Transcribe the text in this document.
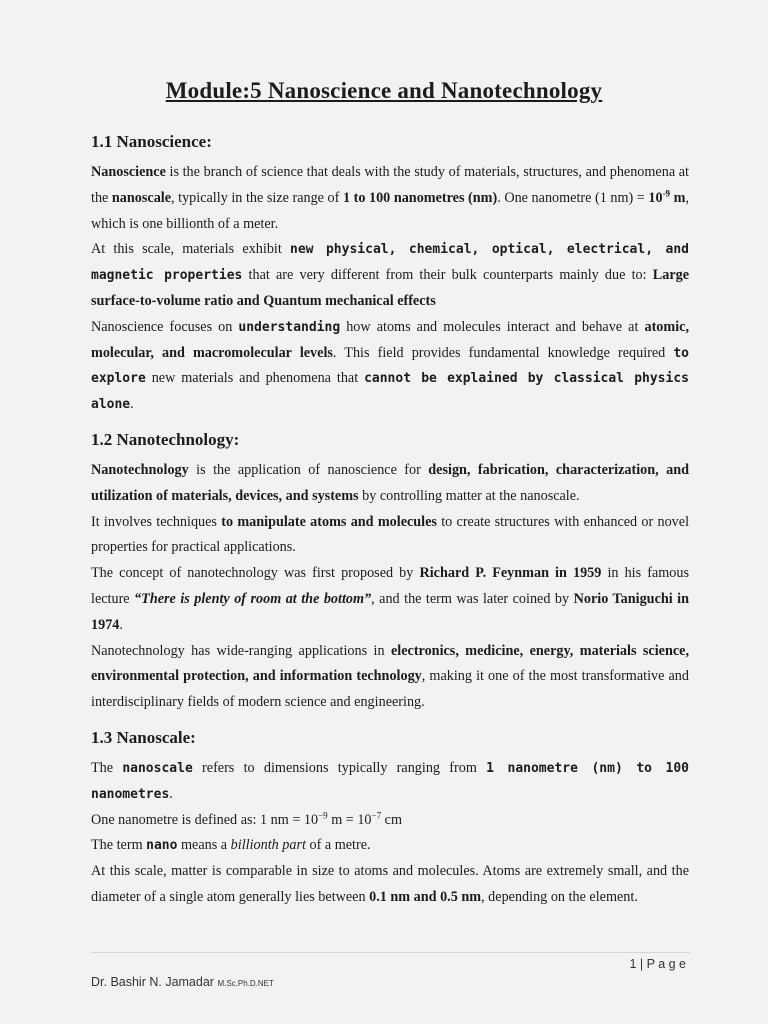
Module:5 Nanoscience and Nanotechnology
1.1 Nanoscience:

Nanoscience is the branch of science that deals with the study of materials, structures, and phenomena at the nanoscale, typically in the size range of 1 to 100 nanometres (nm). One nanometre (1 $nm) = 10^{-9}$ m, which is one billionth of a meter.

At this scale, materials exhibit new physical, chemical, optical, electrical, and magnetic properties that are very different from their bulk counterparts mainly due to: Large surface-to-volume ratio and Quantum mechanical effects

Nanoscience focuses on understanding how atoms and molecules interact and behave at atomic, molecular, and macromolecular levels. This field provides fundamental knowledge required to explore new materials and phenomena that cannot be explained by classical physics alone.

1.2 Nanotechnology:

Nanotechnology is the application of nanoscience for design, fabrication, characterization, and utilization of materials, devices, and systems by controlling matter at the nanoscale.

It involves techniques to manipulate atoms and molecules to create structures with enhanced or novel properties for practical applications.

The concept of nanotechnology was first proposed by Richard P. Feynman in 1959 in his famous lecture “There is plenty of room at the bottom”, and the term was later coined by Norio Taniguchi in 1974.

Nanotechnology has wide-ranging applications in electronics, medicine, energy, materials science, environmental protection, and information technology, making it one of the most transformative and interdisciplinary fields of modern science and engineering.

1.3 Nanoscale:

The nanoscale refers to dimensions typically ranging from 1 nanometre (nm) to 100 nanometres.

One nanometre is defined as: 1 nm = $10^{-9}$ $m = 10^{-7}$ cm

The term nano means a billionth part of a metre.

At this scale, matter is comparable in size to atoms and molecules. Atoms are extremely small, and the diameter of a single atom generally lies between 0.1 nm and 0.5 nm, depending on the element.

1 | P a g e
Dr. Bashir N. Jamadar M.Sc.Ph.D.NET
